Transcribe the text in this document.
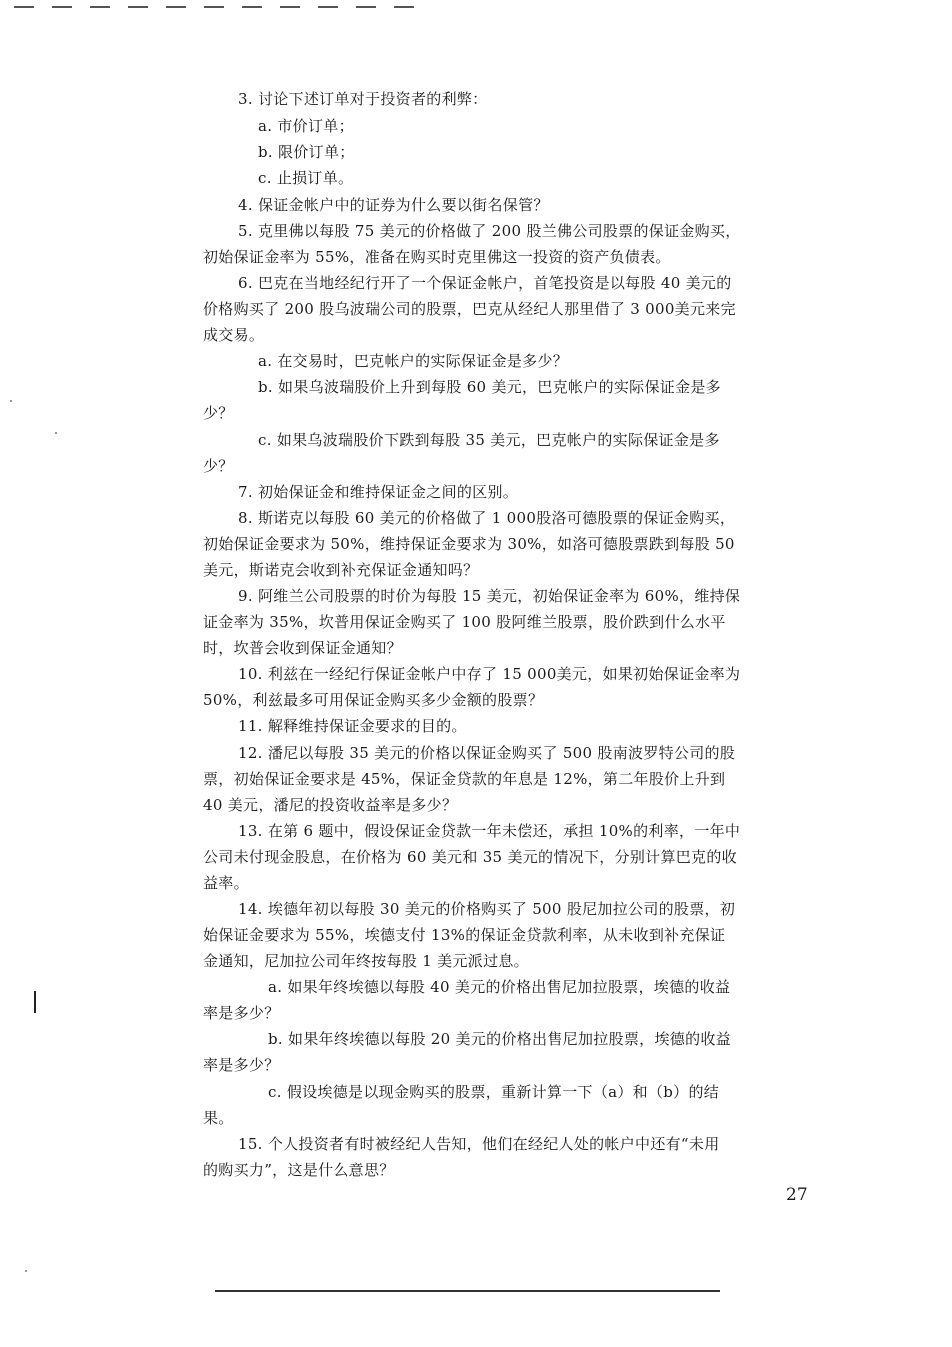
3. 讨论下述订单对于投资者的利弊：
a. 市价订单；
b. 限价订单；
c. 止损订单。
4. 保证金帐户中的证券为什么要以街名保管？
5. 克里佛以每股 75 美元的价格做了 200 股兰佛公司股票的保证金购买，
初始保证金率为 55%，准备在购买时克里佛这一投资的资产负债表。
6. 巴克在当地经纪行开了一个保证金帐户，首笔投资是以每股 40 美元的
价格购买了 200 股乌波瑞公司的股票，巴克从经纪人那里借了 3 000美元来完
成交易。
a. 在交易时，巴克帐户的实际保证金是多少？
b. 如果乌波瑞股价上升到每股 60 美元，巴克帐户的实际保证金是多
少？
c. 如果乌波瑞股价下跌到每股 35 美元，巴克帐户的实际保证金是多
少？
7. 初始保证金和维持保证金之间的区别。
8. 斯诺克以每股 60 美元的价格做了 1 000股洛可德股票的保证金购买，
初始保证金要求为 50%，维持保证金要求为 30%，如洛可德股票跌到每股 50
美元，斯诺克会收到补充保证金通知吗？
9. 阿维兰公司股票的时价为每股 15 美元，初始保证金率为 60%，维持保
证金率为 35%，坎普用保证金购买了 100 股阿维兰股票，股价跌到什么水平
时，坎普会收到保证金通知？
10. 利兹在一经纪行保证金帐户中存了 15 000美元，如果初始保证金率为
50%，利兹最多可用保证金购买多少金额的股票？
11. 解释维持保证金要求的目的。
12. 潘尼以每股 35 美元的价格以保证金购买了 500 股南波罗特公司的股
票，初始保证金要求是 45%，保证金贷款的年息是 12%，第二年股价上升到
40 美元，潘尼的投资收益率是多少？
13. 在第 6 题中，假设保证金贷款一年未偿还，承担 10%的利率，一年中
公司未付现金股息，在价格为 60 美元和 35 美元的情况下，分别计算巴克的收
益率。
14. 埃德年初以每股 30 美元的价格购买了 500 股尼加拉公司的股票，初
始保证金要求为 55%，埃德支付 13%的保证金贷款利率，从未收到补充保证
金通知，尼加拉公司年终按每股 1 美元派过息。
a. 如果年终埃德以每股 40 美元的价格出售尼加拉股票，埃德的收益
率是多少？
b. 如果年终埃德以每股 20 美元的价格出售尼加拉股票，埃德的收益
率是多少？
c. 假设埃德是以现金购买的股票，重新计算一下（a）和（b）的结
果。
15. 个人投资者有时被经纪人告知，他们在经纪人处的帐户中还有“未用
的购买力”，这是什么意思？
27
